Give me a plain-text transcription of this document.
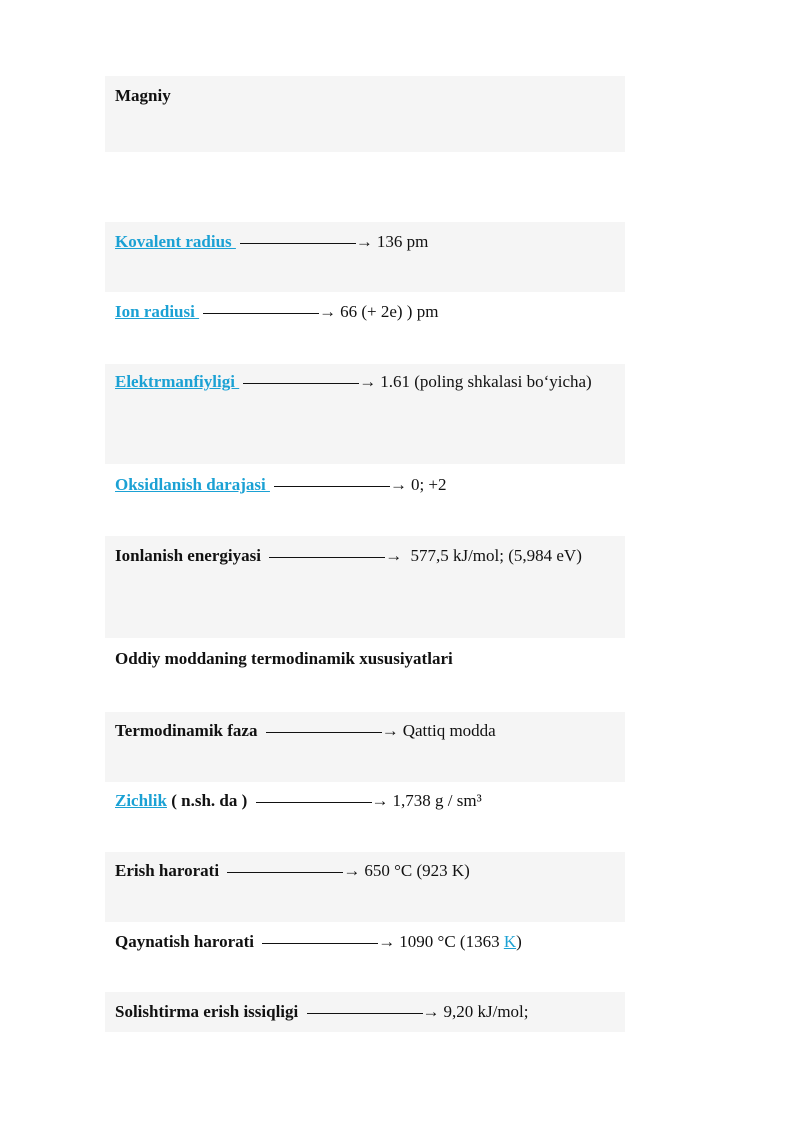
Magniy
Kovalent radius	→ 136 pm
Ion radiusi	→ 66 (+ 2e) ) pm
Elektrmanfiyligi	→ 1.61 (poling shkalasi bo‘yicha)
Oksidlanish darajasi	→ 0; +2
Ionlanish energiyasi	→ 577,5 kJ/mol; (5,984 eV)
Oddiy moddaning termodinamik xususiyatlari
Termodinamik faza	→ Qattiq modda
Zichlik ( n.sh. da )	→ 1,738 g / sm³
Erish harorati	→ 650 °C (923 K)
Qaynatish harorati	→ 1090 °C (1363 K)
Solishtirma erish issiqligi	→ 9,20 kJ/mol;
